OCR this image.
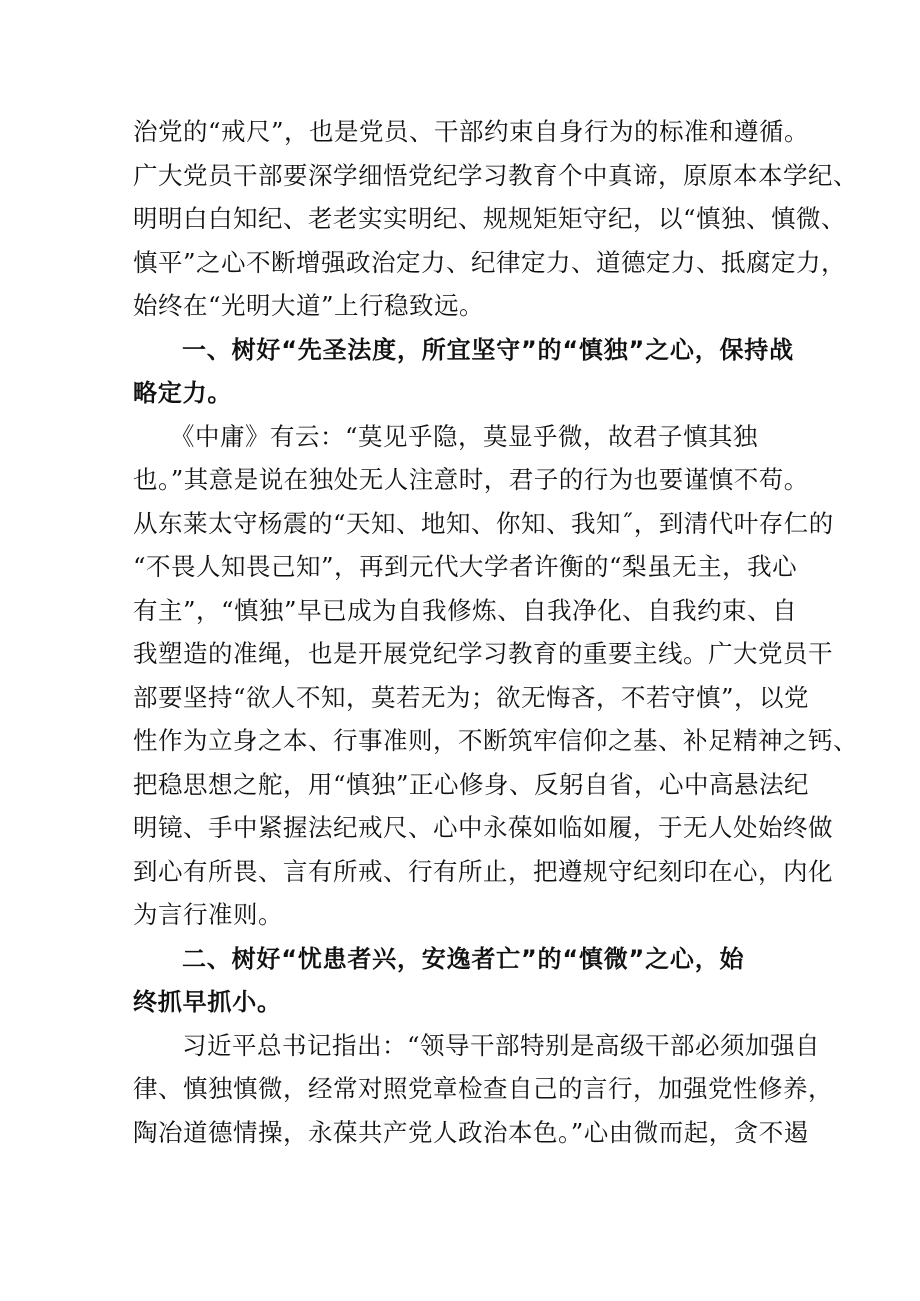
治党的“戒尺”，也是党员、干部约束自身行为的标准和遵循。
广大党员干部要深学细悟党纪学习教育个中真谛，原原本本学纪、
明明白白知纪、老老实实明纪、规规矩矩守纪，以“慎独、慎微、
慎平”之心不断增强政治定力、纪律定力、道德定力、抵腐定力，
始终在“光明大道”上行稳致远。
一、树好“先圣法度，所宜坚守”的“慎独”之心，保持战
略定力。
《中庸》有云：“莫见乎隐，莫显乎微，故君子慎其独
也。”其意是说在独处无人注意时，君子的行为也要谨慎不苟。
从东莱太守杨震的“天知、地知、你知、我知˝，到清代叶存仁的
“不畏人知畏己知”，再到元代大学者许衡的“梨虽无主，我心
有主”，“慎独”早已成为自我修炼、自我净化、自我约束、自
我塑造的准绳，也是开展党纪学习教育的重要主线。广大党员干
部要坚持“欲人不知，莫若无为；欲无悔吝，不若守慎”，以党
性作为立身之本、行事准则，不断筑牢信仰之基、补足精神之钙、
把稳思想之舵，用“慎独”正心修身、反躬自省，心中高悬法纪
明镜、手中紧握法纪戒尺、心中永葆如临如履，于无人处始终做
到心有所畏、言有所戒、行有所止，把遵规守纪刻印在心，内化
为言行准则。
二、树好“忧患者兴，安逸者亡”的“慎微”之心，始
终抓早抓小。
习近平总书记指出：“领导干部特别是高级干部必须加强自
律、慎独慎微，经常对照党章检查自己的言行，加强党性修养，
陶冶道德情操，永葆共产党人政治本色。”心由微而起，贪不遏
